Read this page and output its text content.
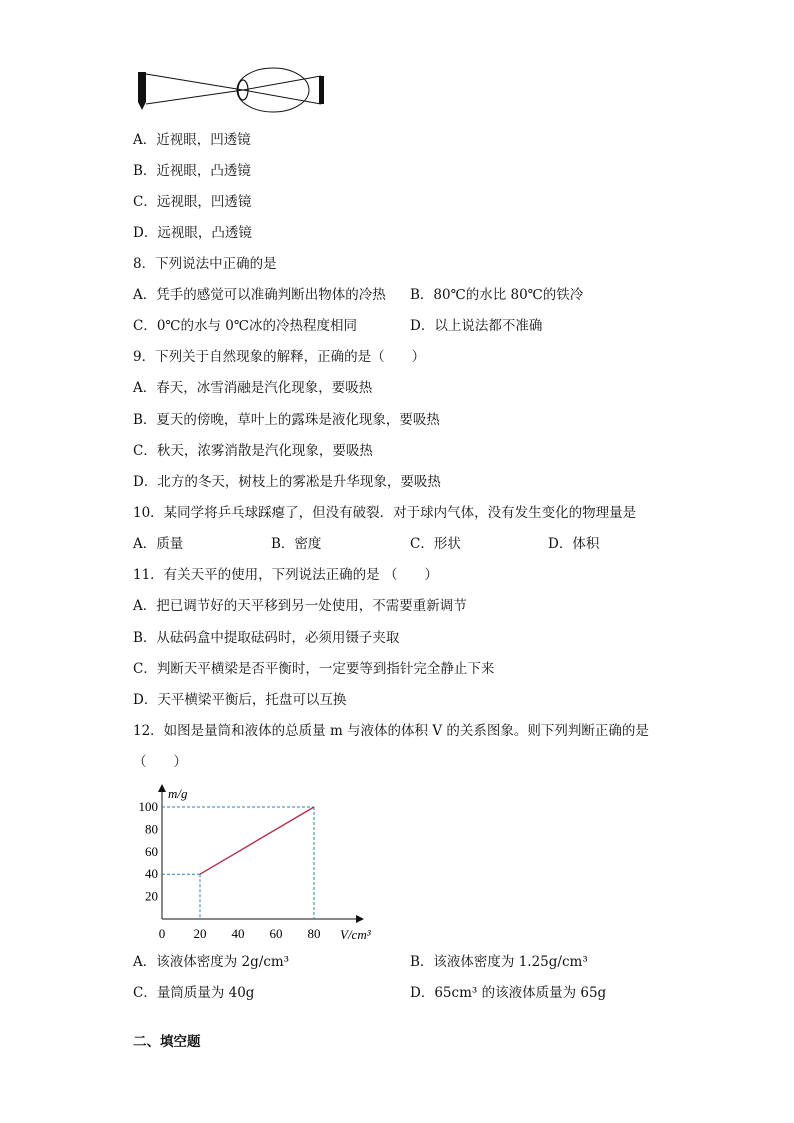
A．近视眼，凹透镜
B．近视眼，凸透镜
C．远视眼，凹透镜
D．远视眼，凸透镜
8．下列说法中正确的是
A．凭手的感觉可以准确判断出物体的冷热 B．80℃的水比 80℃的铁冷
C．0℃的水与 0℃冰的冷热程度相同	D．以上说法都不准确
9．下列关于自然现象的解释，正确的是（　　）
A．春天，冰雪消融是汽化现象，要吸热
B．夏天的傍晚，草叶上的露珠是液化现象，要吸热
C．秋天，浓雾消散是汽化现象，要吸热
D．北方的冬天，树枝上的雾凇是升华现象，要吸热
10．某同学将乒乓球踩瘪了，但没有破裂．对于球内气体，没有发生变化的物理量是
A．质量	B．密度	C．形状	D．体积
11．有关天平的使用，下列说法正确的是 （　　）
A．把已调节好的天平移到另一处使用，不需要重新调节
B．从砝码盒中提取砝码时，必须用镊子夹取
C．判断天平横梁是否平衡时，一定要等到指针完全静止下来
D．天平横梁平衡后，托盘可以互换
12．如图是量筒和液体的总质量 m 与液体的体积 V 的关系图象。则下列判断正确的是
（　　）
m/g
V/cm³
0 20 40 60 80
20
40
60
80
100
A．该液体密度为 2g/cm³	B．该液体密度为 1.25g/cm³
C．量筒质量为 40g	D．65cm³ 的该液体质量为 65g
二、填空题
